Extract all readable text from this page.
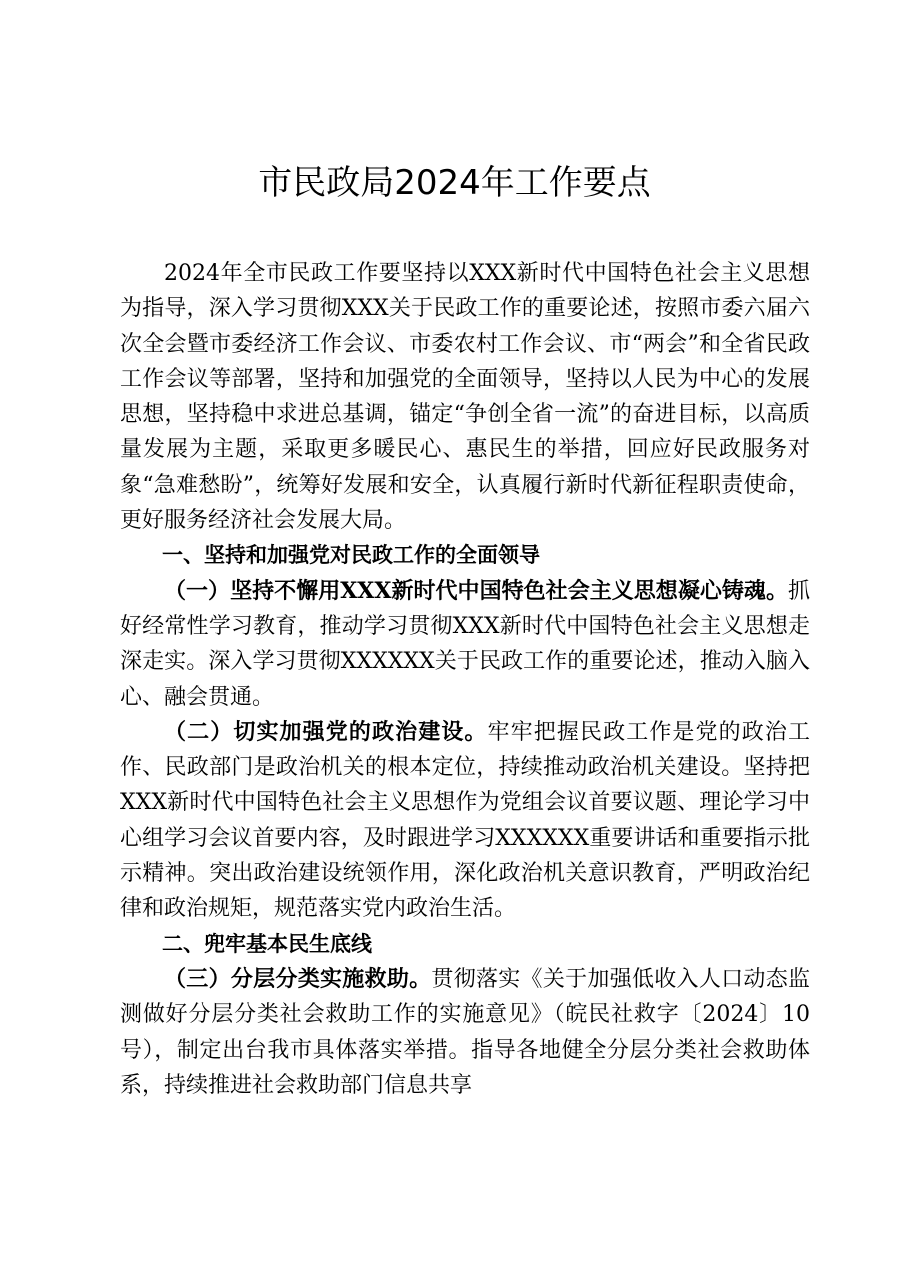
市民政局2024年工作要点

2024年全市民政工作要坚持以XXX新时代中国特色社会主义思想为指导，深入学习贯彻XXX关于民政工作的重要论述，按照市委六届六次全会暨市委经济工作会议、市委农村工作会议、市“两会”和全省民政工作会议等部署，坚持和加强党的全面领导，坚持以人民为中心的发展思想，坚持稳中求进总基调，锚定“争创全省一流”的奋进目标，以高质量发展为主题，采取更多暖民心、惠民生的举措，回应好民政服务对象“急难愁盼”，统筹好发展和安全，认真履行新时代新征程职责使命，更好服务经济社会发展大局。

一、坚持和加强党对民政工作的全面领导

（一）坚持不懈用XXX新时代中国特色社会主义思想凝心铸魂。抓好经常性学习教育，推动学习贯彻XXX新时代中国特色社会主义思想走深走实。深入学习贯彻XXXXXX关于民政工作的重要论述，推动入脑入心、融会贯通。

（二）切实加强党的政治建设。牢牢把握民政工作是党的政治工作、民政部门是政治机关的根本定位，持续推动政治机关建设。坚持把XXX新时代中国特色社会主义思想作为党组会议首要议题、理论学习中心组学习会议首要内容，及时跟进学习XXXXXX重要讲话和重要指示批示精神。突出政治建设统领作用，深化政治机关意识教育，严明政治纪律和政治规矩，规范落实党内政治生活。

二、兜牢基本民生底线

（三）分层分类实施救助。贯彻落实《关于加强低收入人口动态监测做好分层分类社会救助工作的实施意见》（皖民社救字〔2024〕10号），制定出台我市具体落实举措。指导各地健全分层分类社会救助体系，持续推进社会救助部门信息共享
